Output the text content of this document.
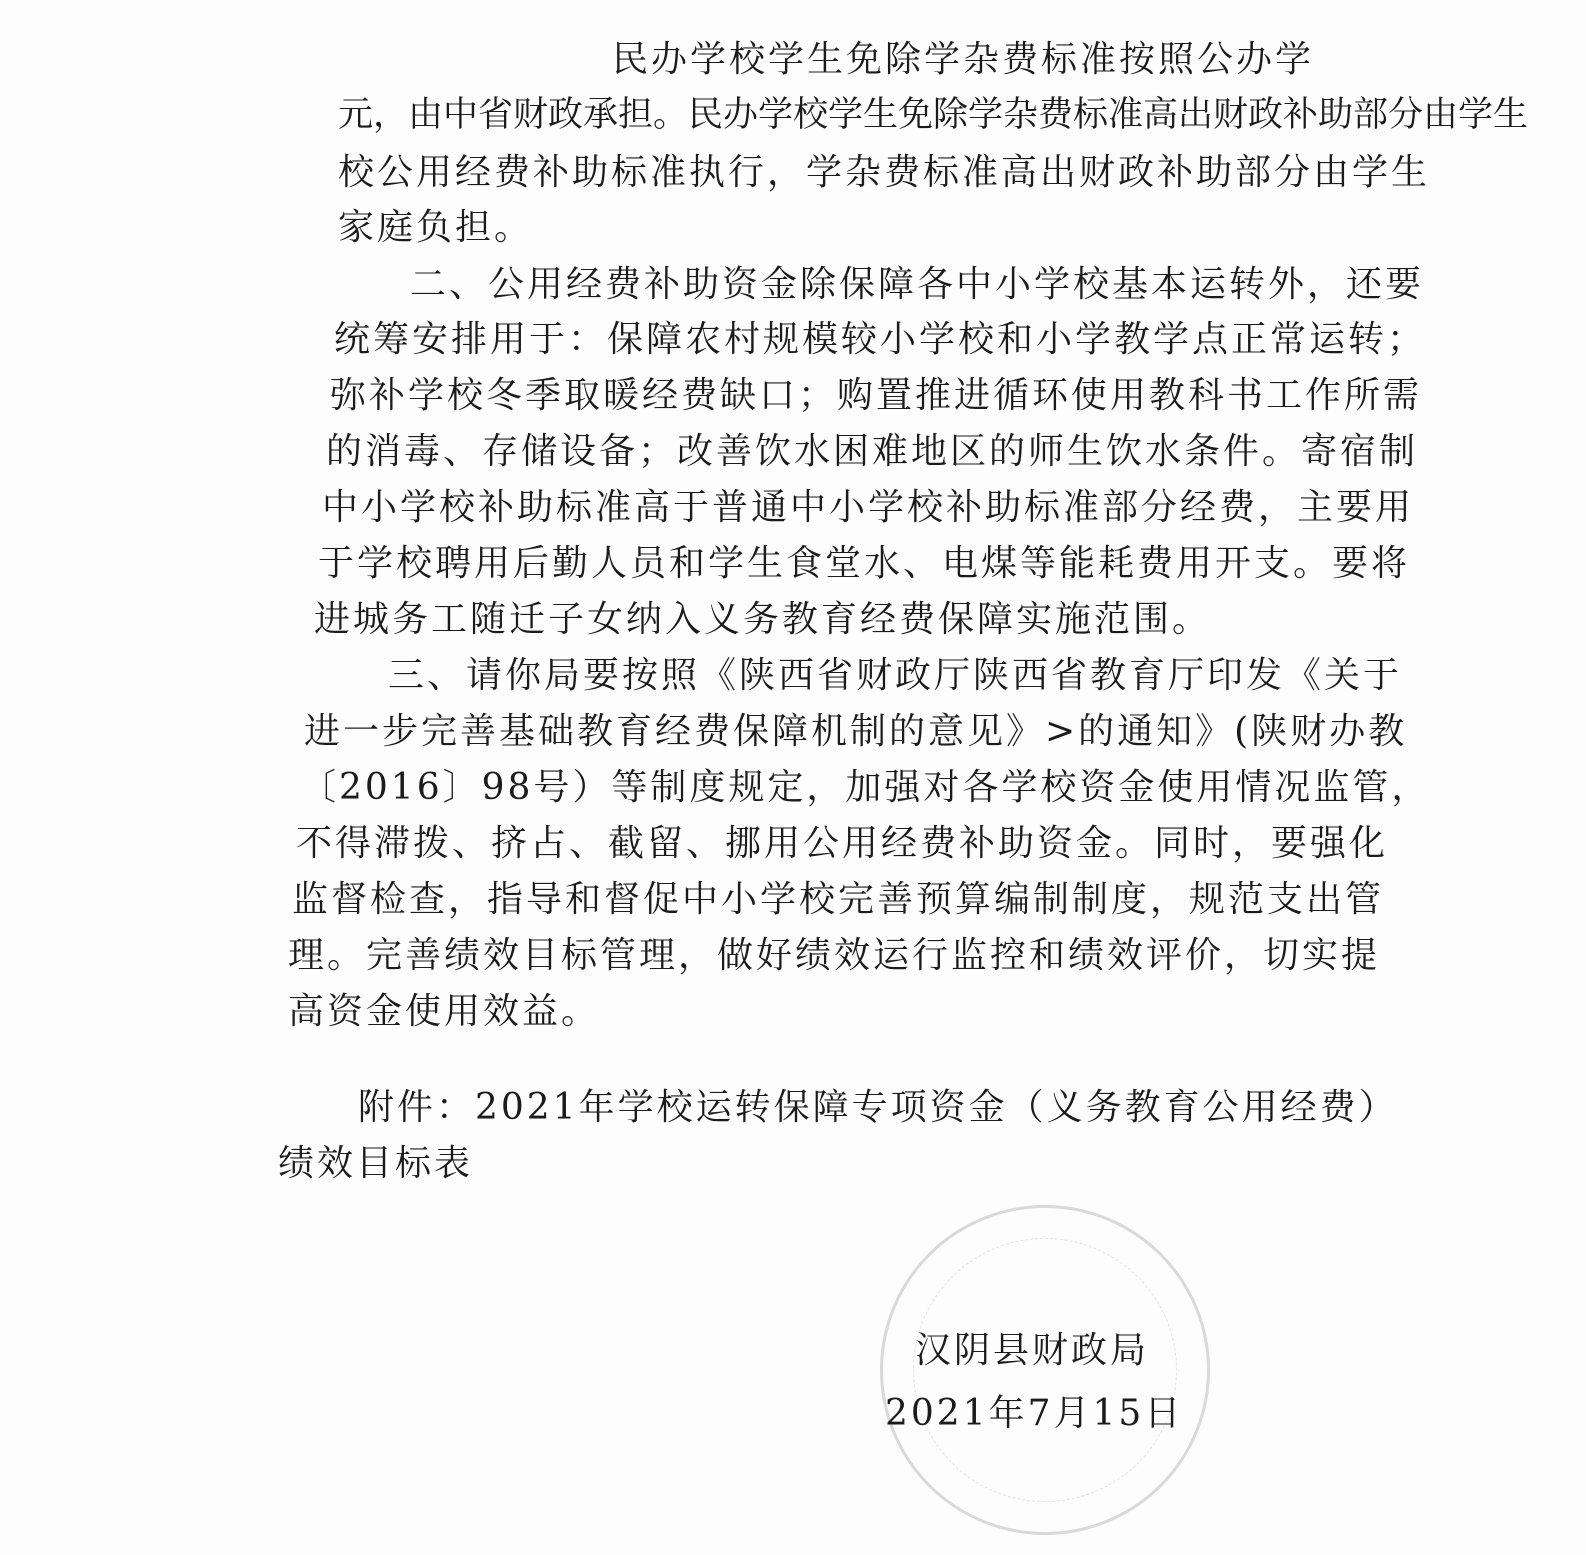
民办学校学生免除学杂费标准按照公办学
元，由中省财政承担。民办学校学生免除学杂费标准高出财政补助部分由学生
校公用经费补助标准执行，学杂费标准高出财政补助部分由学生
家庭负担。
二、公用经费补助资金除保障各中小学校基本运转外，还要
统筹安排用于：保障农村规模较小学校和小学教学点正常运转；
弥补学校冬季取暖经费缺口；购置推进循环使用教科书工作所需
的消毒、存储设备；改善饮水困难地区的师生饮水条件。寄宿制
中小学校补助标准高于普通中小学校补助标准部分经费，主要用
于学校聘用后勤人员和学生食堂水、电煤等能耗费用开支。要将
进城务工随迁子女纳入义务教育经费保障实施范围。
三、请你局要按照《陕西省财政厅陕西省教育厅印发《关于
进一步完善基础教育经费保障机制的意见》>的通知》(陕财办教
〔2016〕98号）等制度规定，加强对各学校资金使用情况监管，
不得滞拨、挤占、截留、挪用公用经费补助资金。同时，要强化
监督检查，指导和督促中小学校完善预算编制制度，规范支出管
理。完善绩效目标管理，做好绩效运行监控和绩效评价，切实提
高资金使用效益。
附件：2021年学校运转保障专项资金（义务教育公用经费）
绩效目标表
汉阴县财政局
2021年7月15日
